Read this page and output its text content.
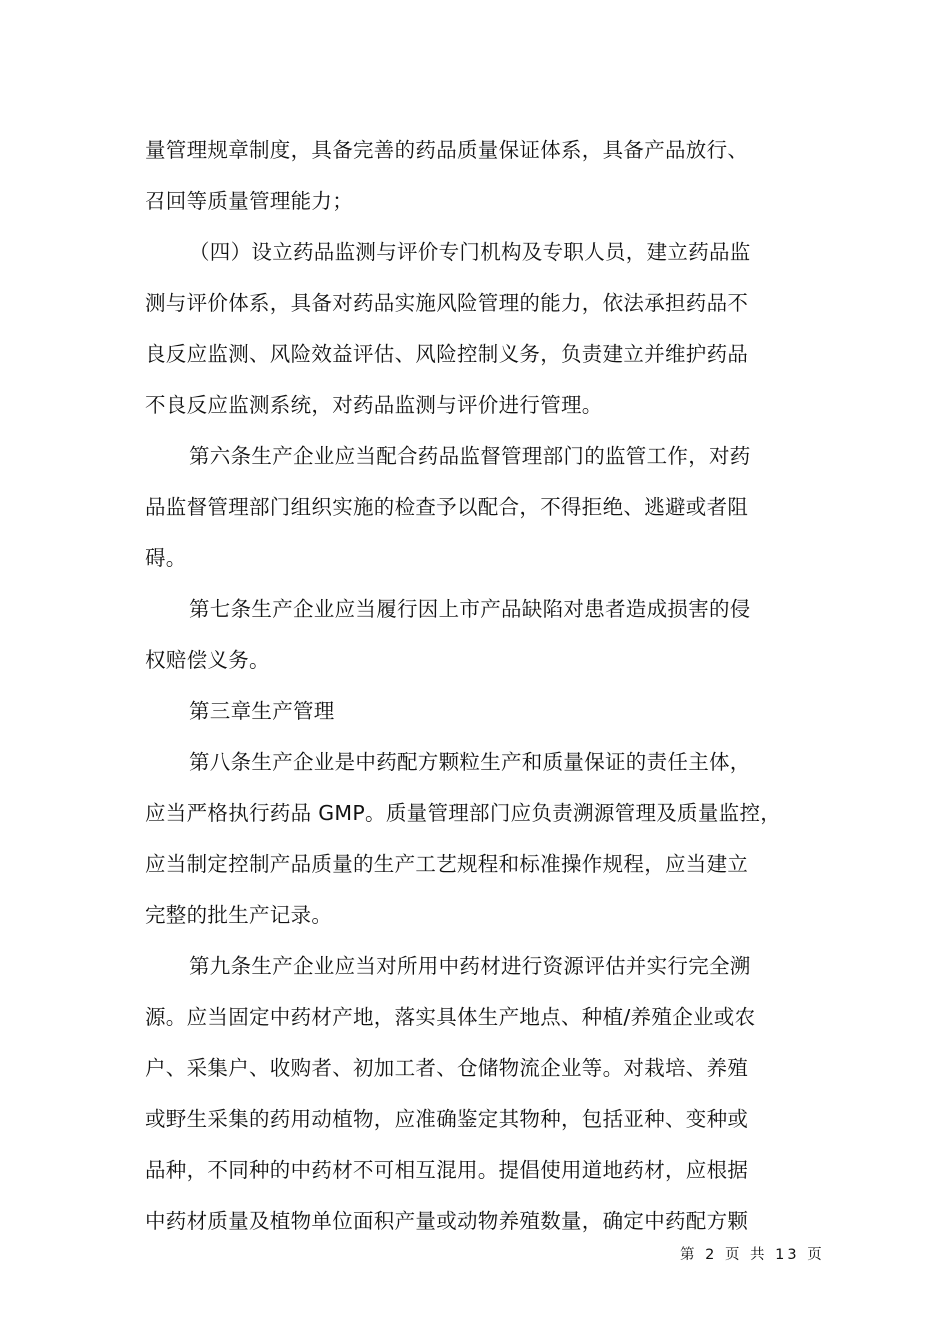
量管理规章制度，具备完善的药品质量保证体系，具备产品放行、
召回等质量管理能力；
（四）设立药品监测与评价专门机构及专职人员，建立药品监
测与评价体系，具备对药品实施风险管理的能力，依法承担药品不
良反应监测、风险效益评估、风险控制义务，负责建立并维护药品
不良反应监测系统，对药品监测与评价进行管理。
第六条生产企业应当配合药品监督管理部门的监管工作，对药
品监督管理部门组织实施的检查予以配合，不得拒绝、逃避或者阻
碍。
第七条生产企业应当履行因上市产品缺陷对患者造成损害的侵
权赔偿义务。
第三章生产管理
第八条生产企业是中药配方颗粒生产和质量保证的责任主体，
应当严格执行药品 GMP。质量管理部门应负责溯源管理及质量监控，
应当制定控制产品质量的生产工艺规程和标准操作规程，应当建立
完整的批生产记录。
第九条生产企业应当对所用中药材进行资源评估并实行完全溯
源。应当固定中药材产地，落实具体生产地点、种植/养殖企业或农
户、采集户、收购者、初加工者、仓储物流企业等。对栽培、养殖
或野生采集的药用动植物，应准确鉴定其物种，包括亚种、变种或
品种，不同种的中药材不可相互混用。提倡使用道地药材，应根据
中药材质量及植物单位面积产量或动物养殖数量，确定中药配方颗
第 2 页 共 13 页
